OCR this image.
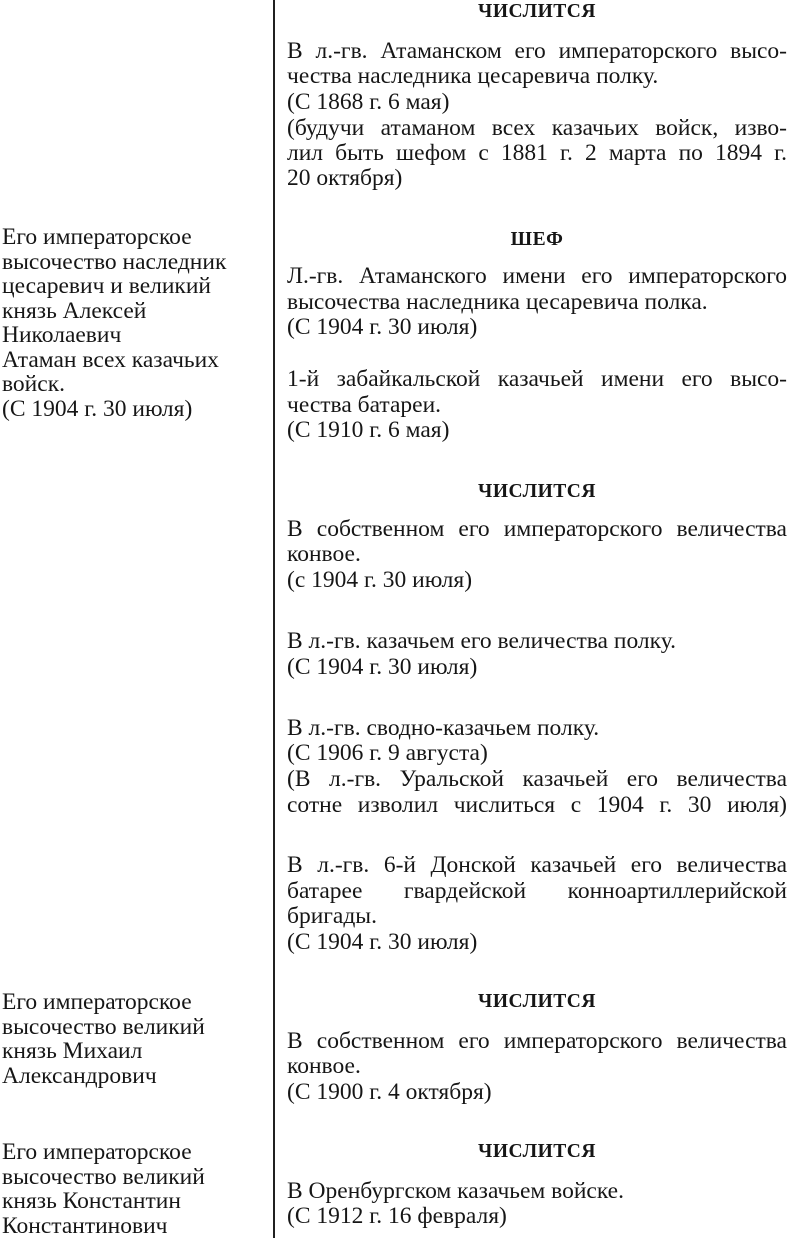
Его императорское
высочество наследник
цесаревич и великий
князь Алексей
Николаевич
Атаман всех казачьих
войск.
(С 1904 г. 30 июля)
Его императорское
высочество великий
князь Михаил
Александрович
Его императорское
высочество великий
князь Константин
Константинович
ЧИСЛИТСЯ
В л.-гв. Атаманском его императорского высо-
чества наследника цесаревича полку.
(С 1868 г. 6 мая)
(будучи атаманом всех казачьих войск, изво-
лил быть шефом с 1881 г. 2 марта по 1894 г.
20 октября)
ШЕФ
Л.-гв. Атаманского имени его императорского
высочества наследника цесаревича полка.
(С 1904 г. 30 июля)
1-й забайкальской казачьей имени его высо-
чества батареи.
(С 1910 г. 6 мая)
ЧИСЛИТСЯ
В собственном его императорского величества
конвое.
(с 1904 г. 30 июля)
В л.-гв. казачьем его величества полку.
(С 1904 г. 30 июля)
В л.-гв. сводно-казачьем полку.
(С 1906 г. 9 августа)
(В л.-гв. Уральской казачьей его величества
сотне изволил числиться с 1904 г. 30 июля)
В л.-гв. 6-й Донской казачьей его величества
батарее гвардейской конноартиллерийской
бригады.
(С 1904 г. 30 июля)
ЧИСЛИТСЯ
В собственном его императорского величества
конвое.
(С 1900 г. 4 октября)
ЧИСЛИТСЯ
В Оренбургском казачьем войске.
(С 1912 г. 16 февраля)
